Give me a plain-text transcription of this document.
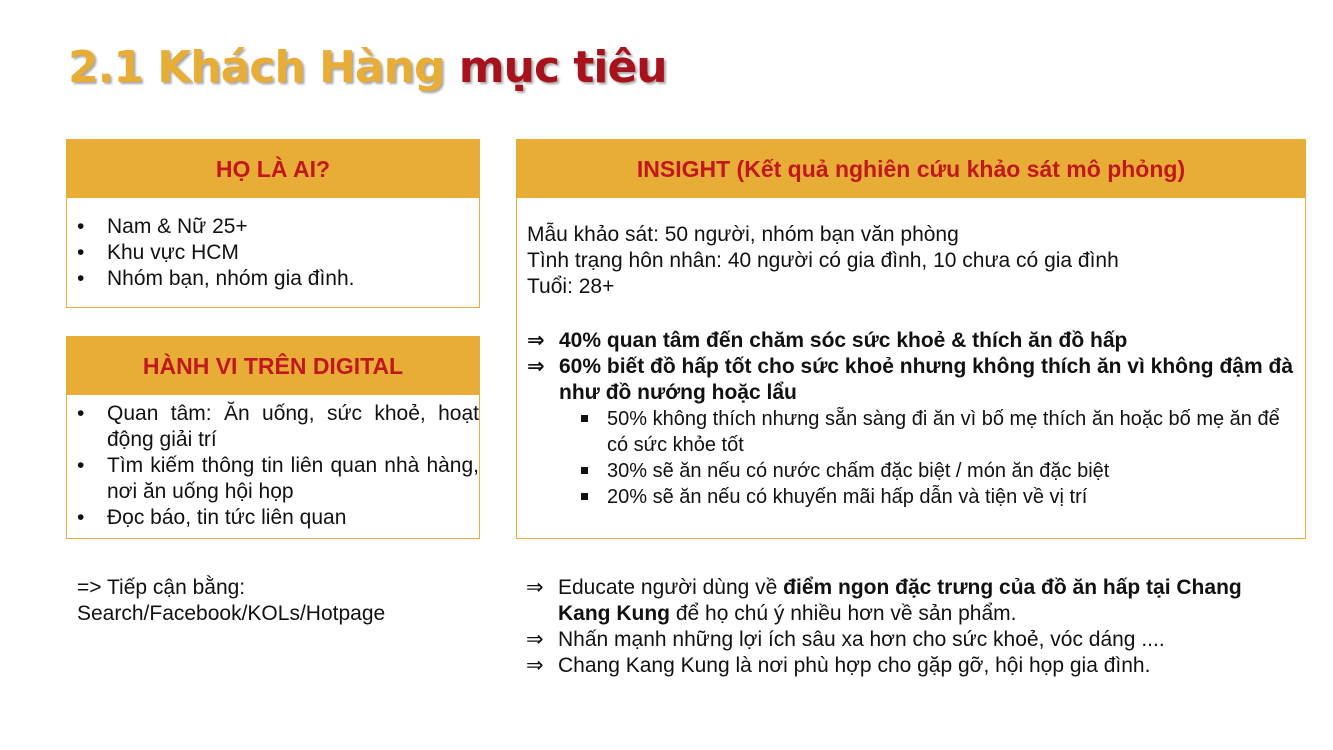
2.1 Khách Hàng mục tiêu
HỌ LÀ AI?
• Nam & Nữ 25+
• Khu vực HCM
• Nhóm bạn, nhóm gia đình.
HÀNH VI TRÊN DIGITAL
• Quan tâm: Ăn uống, sức khoẻ, hoạt động giải trí
• Tìm kiếm thông tin liên quan nhà hàng, nơi ăn uống hội họp
• Đọc báo, tin tức liên quan
INSIGHT (Kết quả nghiên cứu khảo sát mô phỏng)
Mẫu khảo sát: 50 người, nhóm bạn văn phòng
Tình trạng hôn nhân: 40 người có gia đình, 10 chưa có gia đình
Tuổi: 28+
⇒ 40% quan tâm đến chăm sóc sức khoẻ & thích ăn đồ hấp
⇒ 60% biết đồ hấp tốt cho sức khoẻ nhưng không thích ăn vì không đậm đà như đồ nướng hoặc lẩu
50% không thích nhưng sẵn sàng đi ăn vì bố mẹ thích ăn hoặc bố mẹ ăn để có sức khỏe tốt
30% sẽ ăn nếu có nước chấm đặc biệt / món ăn đặc biệt
20% sẽ ăn nếu có khuyến mãi hấp dẫn và tiện về vị trí
=> Tiếp cận bằng:
Search/Facebook/KOLs/Hotpage
⇒ Educate người dùng về điểm ngon đặc trưng của đồ ăn hấp tại Chang Kang Kung để họ chú ý nhiều hơn về sản phẩm.
⇒ Nhấn mạnh những lợi ích sâu xa hơn cho sức khoẻ, vóc dáng ....
⇒ Chang Kang Kung là nơi phù hợp cho gặp gỡ, hội họp gia đình.
